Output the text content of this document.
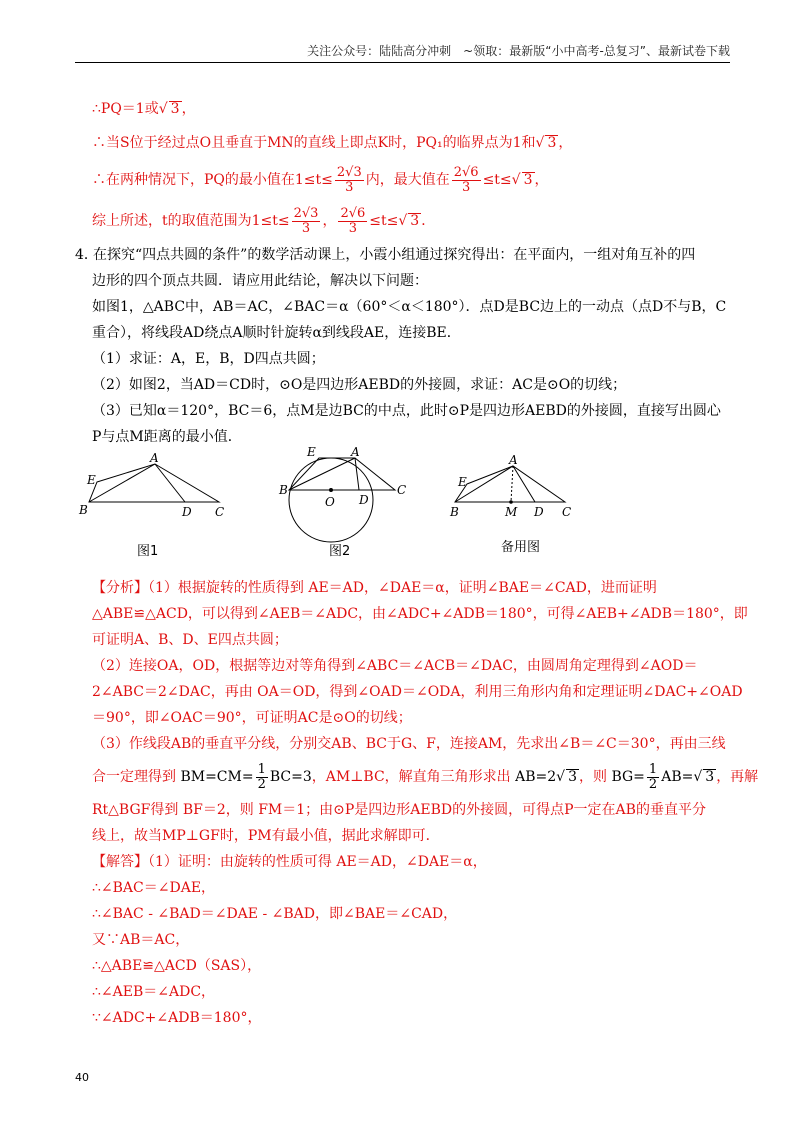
关注公众号：陆陆高分冲刺　~领取：最新版“小中高考-总复习”、最新试卷下载
∴PQ＝1或√ 3 ，
∴当S位于经过点O且垂直于MN的直线上即点K时，PQ₁的临界点为1和√ 3 ，
∴在两种情况下，PQ的最小值在$1\le t\le \frac{2√3}{3}$ 内，最大值在 $\frac{2√6}{3} \le t\le√$ 3 ，
综上所述，t的取值范围为$1\le t\le \frac{2√3}{3}$ ， $\frac{2√6}{3} \le t\le√$ 3 ．
4．在探究“四点共圆的条件”的数学活动课上，小霞小组通过探究得出：在平面内，一组对角互补的四
边形的四个顶点共圆．请应用此结论，解决以下问题：
如图1，△ABC中，AB＝AC，∠BAC＝α（60°＜α＜180°）．点D是BC边上的一动点（点D不与B，C
重合），将线段AD绕点A顺时针旋转α到线段AE，连接BE．
（1）求证：A，E，B，D四点共圆；
（2）如图2，当AD＝CD时，⊙O是四边形AEBD的外接圆，求证：AC是⊙O的切线；
（3）已知α＝120°，BC＝6，点M是边BC的中点，此时⊙P是四边形AEBD的外接圆，直接写出圆心
P与点M距离的最小值．
A
E
B	D C
E	A
B
O D
C
A
E
B	M D C
图1	图2	备用图
【分析】（1）根据旋转的性质得到 AE＝AD，∠DAE＝α，证明∠BAE＝∠CAD，进而证明
△ABE≌△ACD，可以得到∠AEB＝∠ADC，由∠ADC+∠ADB＝180°，可得∠AEB+∠ADB＝180°，即
可证明A、B、D、E四点共圆；
（2）连接OA，OD，根据等边对等角得到∠ABC＝∠ACB＝∠DAC，由圆周角定理得到∠AOD＝
2∠ABC＝2∠DAC，再由 OA＝OD，得到∠OAD＝∠ODA，利用三角形内角和定理证明∠DAC+∠OAD
＝90°，即∠OAC＝90°，可证明AC是⊙O的切线；
（3）作线段AB的垂直平分线，分别交AB、BC于G、F，连接AM，先求出∠B＝∠C＝30°，再由三线
合一定理得到 $BM=CM= \frac{1}{2} BC=3$，AM⊥BC，解直角三角形求出 AB=2√ 3 ，则 $BG= \frac{1}{2} AB=√$ 3 ，再解
Rt△BGF得到 BF＝2，则 FM＝1；由⊙P是四边形AEBD的外接圆，可得点P一定在AB的垂直平分
线上，故当MP⊥GF时，PM有最小值，据此求解即可．
【解答】（1）证明：由旋转的性质可得 AE＝AD，∠DAE＝α，
∴∠BAC＝∠DAE，
∴∠BAC - ∠BAD＝∠DAE - ∠BAD，即∠BAE＝∠CAD，
又∵AB＝AC，
∴△ABE≌△ACD（SAS），
∴∠AEB＝∠ADC，
∵∠ADC+∠ADB＝180°，
40
